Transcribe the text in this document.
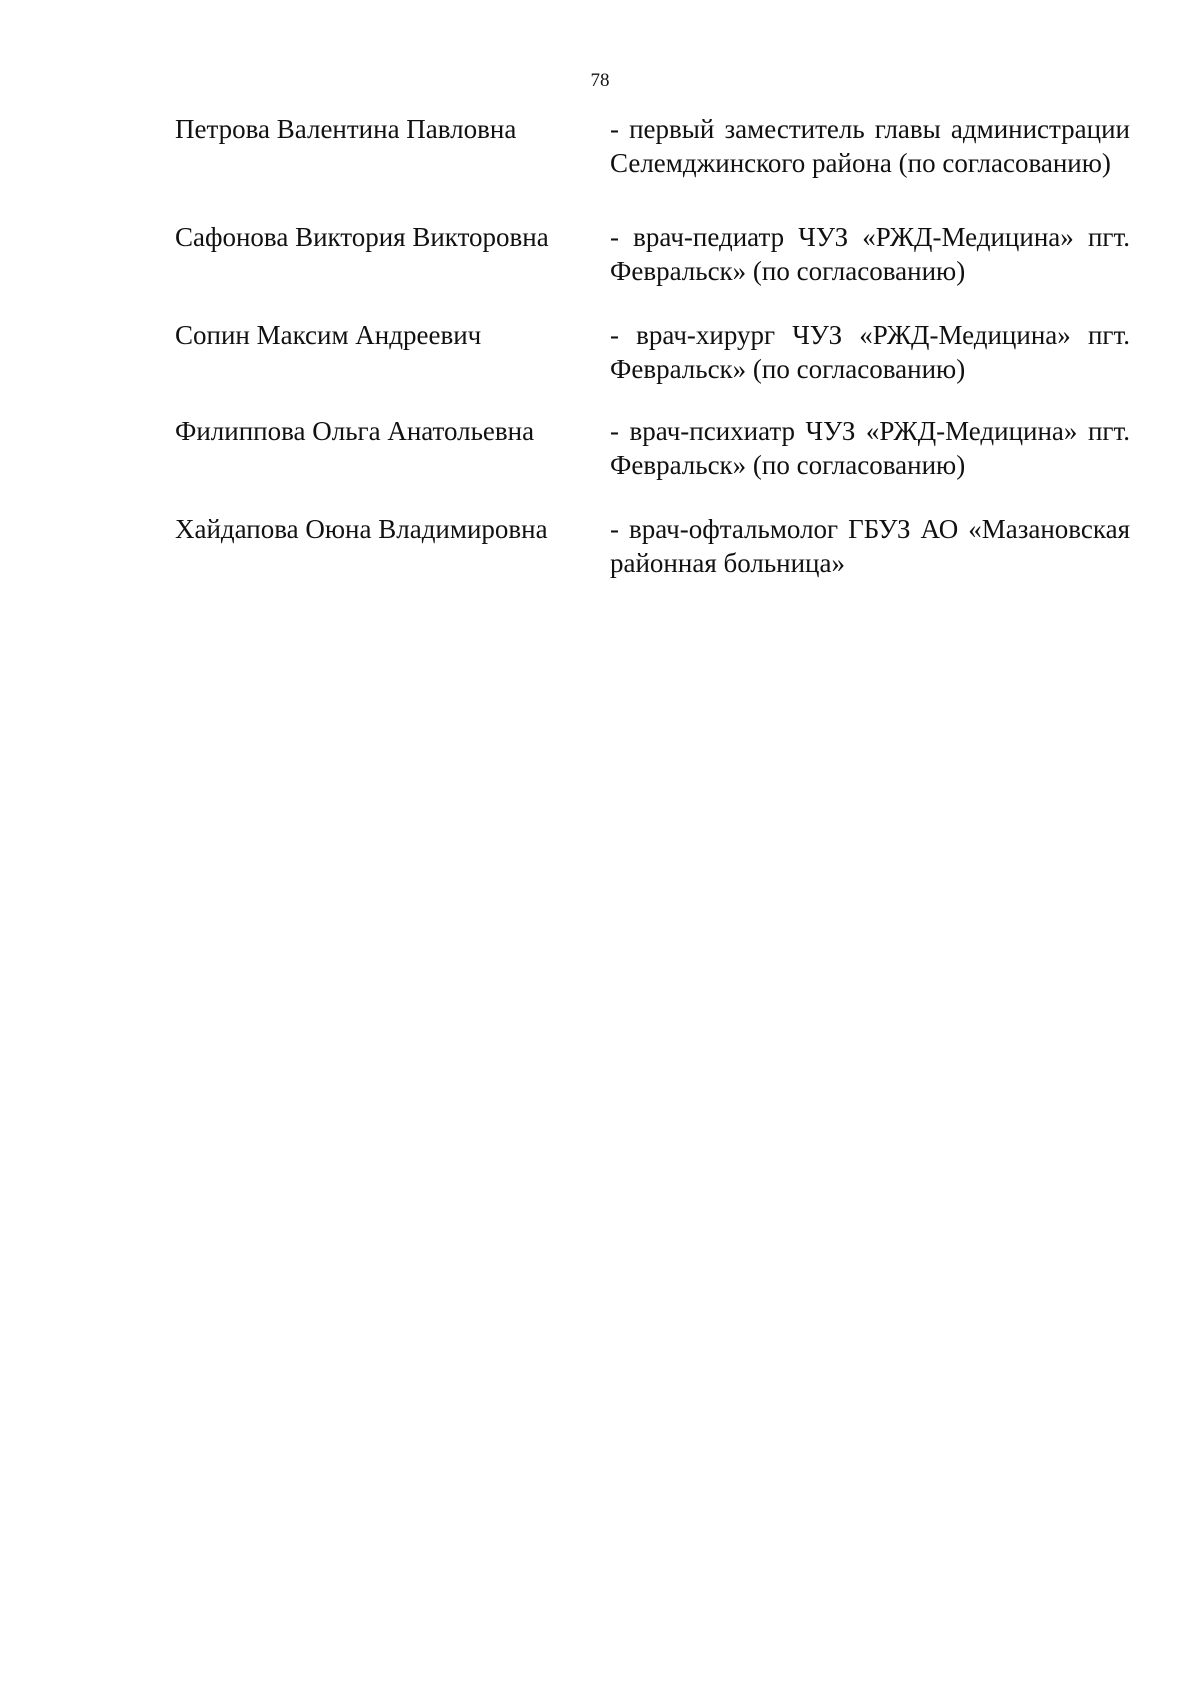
78
Петрова Валентина Павловна	- первый заместитель главы администрации Селемджинского района (по согласованию)
Сафонова Виктория Викторовна	- врач-педиатр ЧУЗ «РЖД-Медицина» пгт. Февральск» (по согласованию)
Сопин Максим Андреевич	- врач-хирург ЧУЗ «РЖД-Медицина» пгт. Февральск» (по согласованию)
Филиппова Ольга Анатольевна	- врач-психиатр ЧУЗ «РЖД-Медицина» пгт. Февральск» (по согласованию)
Хайдапова Оюна Владимировна	- врач-офтальмолог ГБУЗ АО «Мазановская районная больница»
